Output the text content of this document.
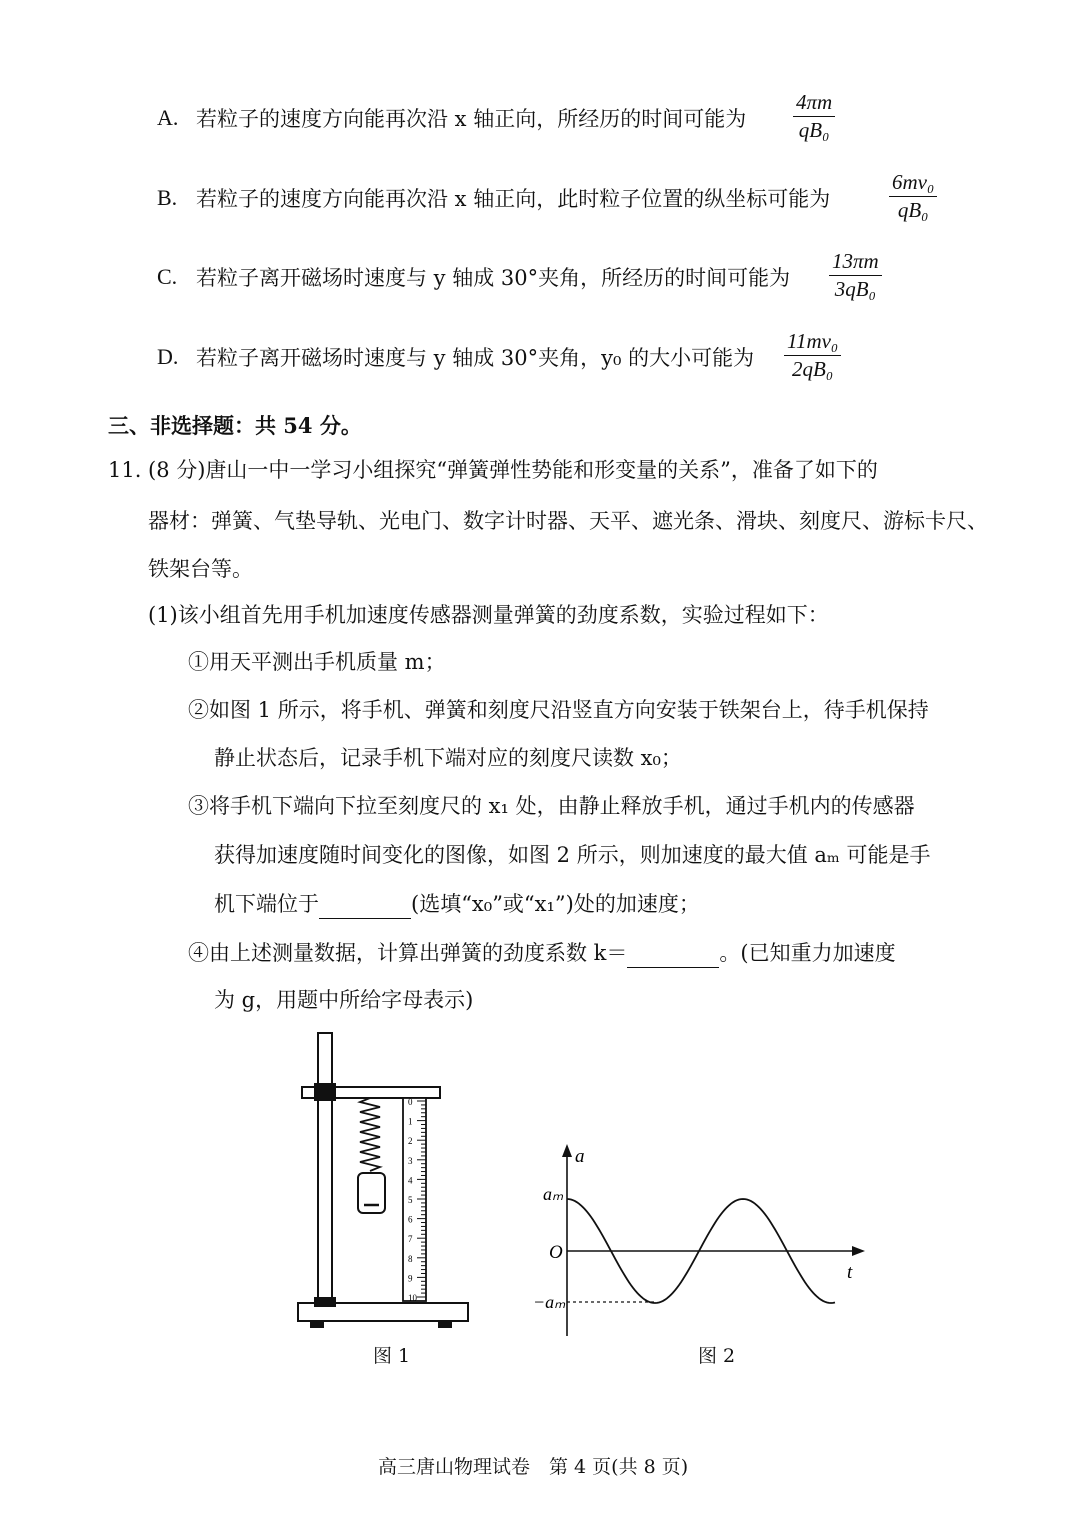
A. 若粒子的速度方向能再次沿 x 轴正向，所经历的时间可能为 $\frac{4\pi m}{\text{qB₀}}$
B. 若粒子的速度方向能再次沿 x 轴正向，此时粒子位置的纵坐标可能为	$\frac{\text{6mv₀}}{\text{qB₀}}$
C. 若粒子离开磁场时速度与 y 轴成 30°夹角，所经历的时间可能为 $\frac{13\pi m}{\text{3qB₀}}$
D. 若粒子离开磁场时速度与 y 轴成 30°夹角，y₀ 的大小可能为 $\frac{\text{11mv₀}}{\text{2qB₀}}$
三、非选择题：共 54 分。
11. (8 分)唐山一中一学习小组探究“弹簧弹性势能和形变量的关系”，准备了如下的
器材：弹簧、气垫导轨、光电门、数字计时器、天平、遮光条、滑块、刻度尺、游标卡尺、
铁架台等。
(1)该小组首先用手机加速度传感器测量弹簧的劲度系数，实验过程如下：
①用天平测出手机质量 m；
②如图 1 所示，将手机、弹簧和刻度尺沿竖直方向安装于铁架台上，待手机保持
静止状态后，记录手机下端对应的刻度尺读数 x₀；
③将手机下端向下拉至刻度尺的 x₁ 处，由静止释放手机，通过手机内的传感器
获得加速度随时间变化的图像，如图 2 所示，则加速度的最大值 aₘ 可能是手
机下端位于	(选填“x₀”或“x₁”)处的加速度；
④由上述测量数据，计算出弹簧的劲度系数 k＝	。(已知重力加速度
为 g，用题中所给字母表示)
0
1
2
3
4
5
6
7
8
9
10
图 1
a
t
O
aₘ
−aₘ
图 2
高三唐山物理试卷　第 4 页(共 8 页)
